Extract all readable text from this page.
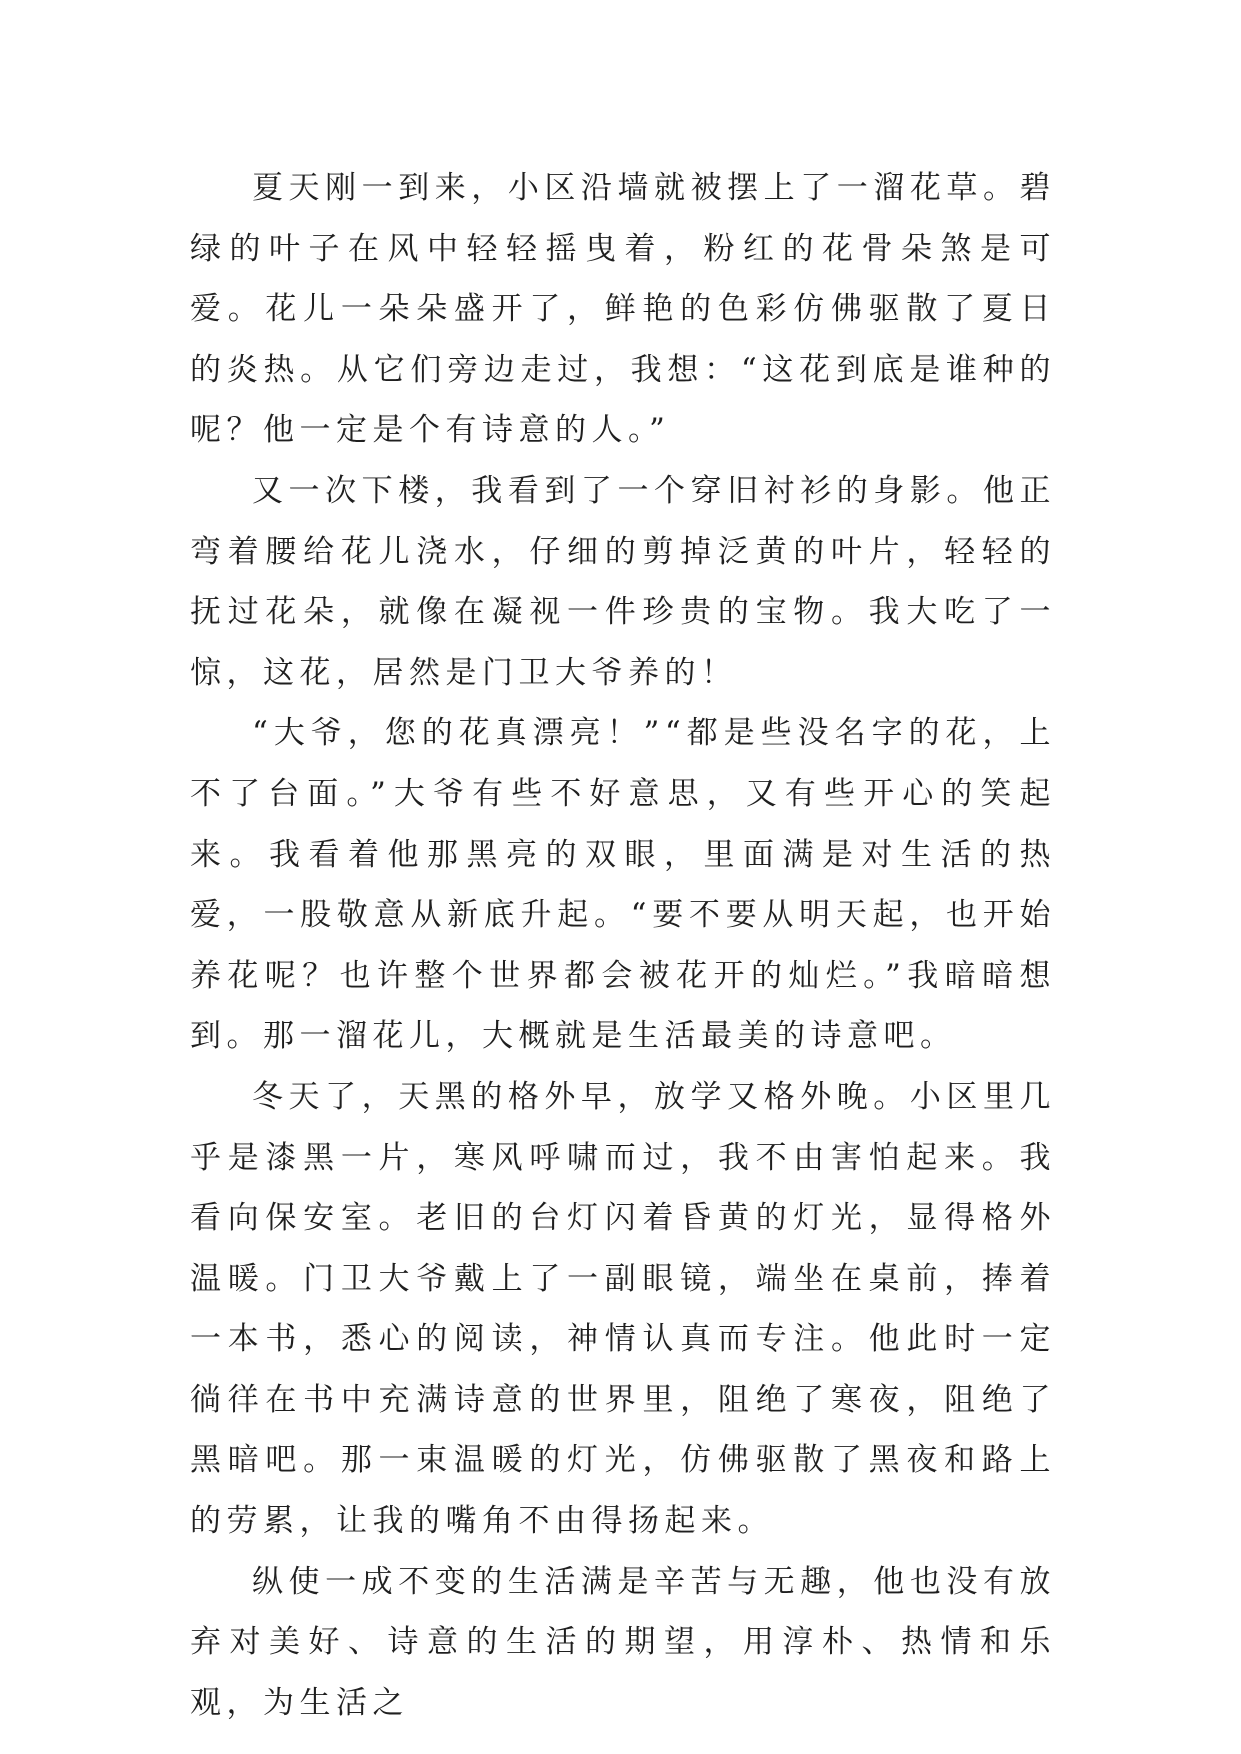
夏天刚一到来，小区沿墙就被摆上了一溜花草。碧绿的叶子在风中轻轻摇曳着，粉红的花骨朵煞是可爱。花儿一朵朵盛开了，鲜艳的色彩仿佛驱散了夏日的炎热。从它们旁边走过，我想：“这花到底是谁种的呢？他一定是个有诗意的人。”

又一次下楼，我看到了一个穿旧衬衫的身影。他正弯着腰给花儿浇水，仔细的剪掉泛黄的叶片，轻轻的抚过花朵，就像在凝视一件珍贵的宝物。我大吃了一惊，这花，居然是门卫大爷养的！

“大爷，您的花真漂亮！”“都是些没名字的花，上不了台面。”大爷有些不好意思，又有些开心的笑起来。我看着他那黑亮的双眼，里面满是对生活的热爱，一股敬意从新底升起。“要不要从明天起，也开始养花呢？也许整个世界都会被花开的灿烂。”我暗暗想到。那一溜花儿，大概就是生活最美的诗意吧。

冬天了，天黑的格外早，放学又格外晚。小区里几乎是漆黑一片，寒风呼啸而过，我不由害怕起来。我看向保安室。老旧的台灯闪着昏黄的灯光，显得格外温暖。门卫大爷戴上了一副眼镜，端坐在桌前，捧着一本书，悉心的阅读，神情认真而专注。他此时一定徜徉在书中充满诗意的世界里，阻绝了寒夜，阻绝了黑暗吧。那一束温暖的灯光，仿佛驱散了黑夜和路上的劳累，让我的嘴角不由得扬起来。

纵使一成不变的生活满是辛苦与无趣，他也没有放弃对美好、诗意的生活的期望，用淳朴、热情和乐观，为生活之
